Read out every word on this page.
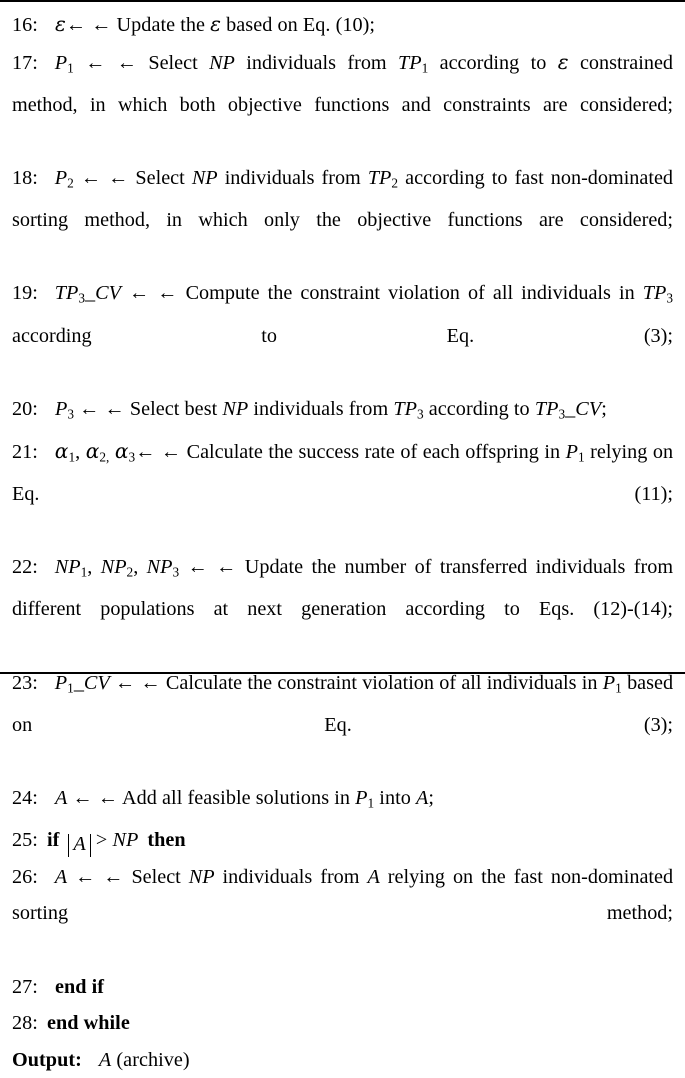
16: ε← ← Update the ε based on Eq. (10);
17: $P_1$ ← ← Select NP individuals from $TP_1$ according to ε constrained method, in which both objective functions and constraints are considered;
18: $P_2$ ← ← Select NP individuals from $TP_2$ according to fast non-dominated sorting method, in which only the objective functions are considered;
19: $TP_3\_CV$ ← ← Compute the constraint violation of all individuals in $TP_3$ according to Eq. (3);
20: $P_3$ ← ← Select best NP individuals from $TP_3$ according to $TP_3\_CV$;
21: $\alpha_1$, $\alpha_{2,}$ $\alpha_3\leftarrow$ ← Calculate the success rate of each offspring in $P_1$ relying on Eq. (11);
22: $NP_1$, $NP_2$, $NP_3$ ← ← Update the number of transferred individuals from different populations at next generation according to Eqs. (12)-(14);
23: $P_1\_CV$ ← ← Calculate the constraint violation of all individuals in $P_1$ based on Eq. (3);
24: A ← ← Add all feasible solutions in $P_1$ into A;
25: if A > NP then
26: A ← ← Select NP individuals from A relying on the fast non-dominated sorting method;
27: end if
28: end while
Output: A (archive)
